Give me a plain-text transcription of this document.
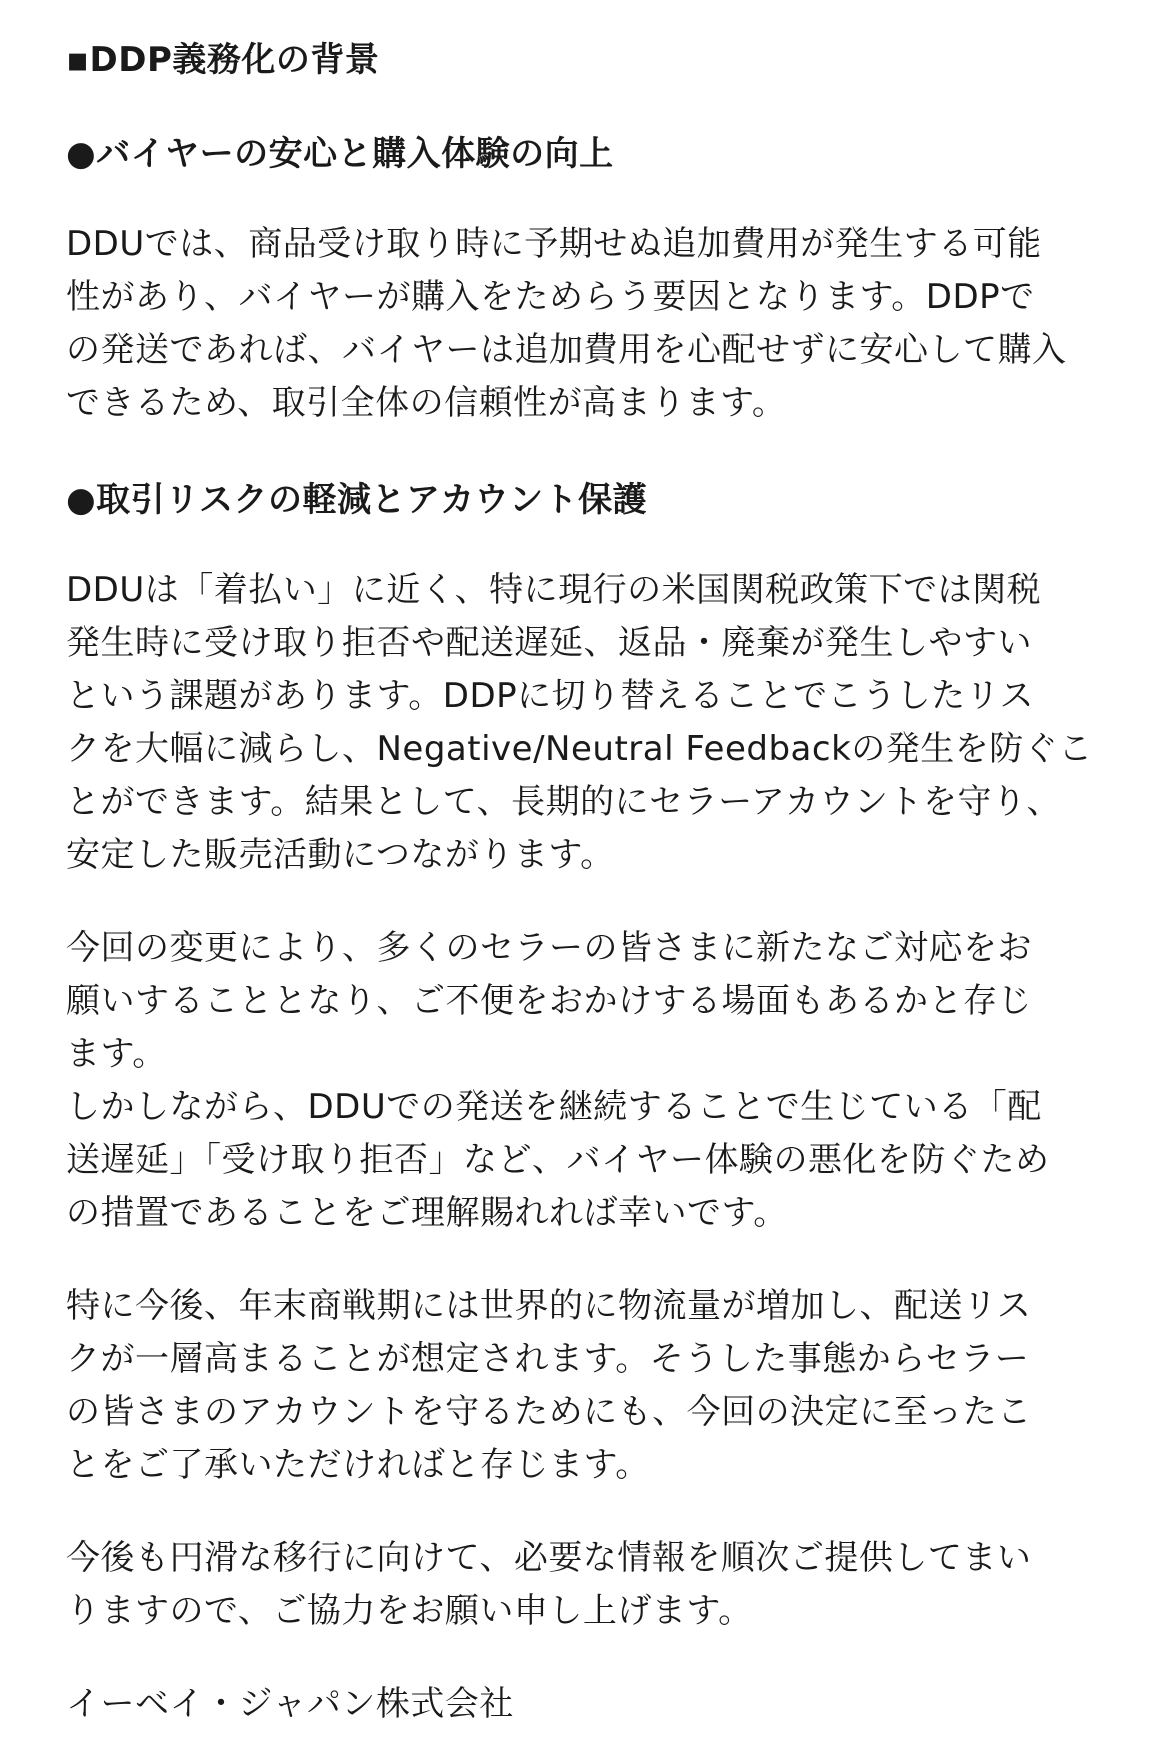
▪DDP義務化の背景
●バイヤーの安心と購入体験の向上

DDUでは、商品受け取り時に予期せぬ追加費用が発生する可能
性があり、バイヤーが購入をためらう要因となります。DDPで
の発送であれば、バイヤーは追加費用を心配せずに安心して購入
できるため、取引全体の信頼性が高まります。

●取引リスクの軽減とアカウント保護

DDUは「着払い」に近く、特に現行の米国関税政策下では関税
発生時に受け取り拒否や配送遅延、返品・廃棄が発生しやすい
という課題があります。DDPに切り替えることでこうしたリス
クを大幅に減らし、Negative/Neutral Feedbackの発生を防ぐこ
とができます。結果として、長期的にセラーアカウントを守り、
安定した販売活動につながります。

今回の変更により、多くのセラーの皆さまに新たなご対応をお
願いすることとなり、ご不便をおかけする場面もあるかと存じ
ます。
しかしながら、DDUでの発送を継続することで生じている「配
送遅延」「受け取り拒否」など、バイヤー体験の悪化を防ぐため
の措置であることをご理解賜れれば幸いです。

特に今後、年末商戦期には世界的に物流量が増加し、配送リス
クが一層高まることが想定されます。そうした事態からセラー
の皆さまのアカウントを守るためにも、今回の決定に至ったこ
とをご了承いただければと存じます。

今後も円滑な移行に向けて、必要な情報を順次ご提供してまい
りますので、ご協力をお願い申し上げます。

イーベイ・ジャパン株式会社
